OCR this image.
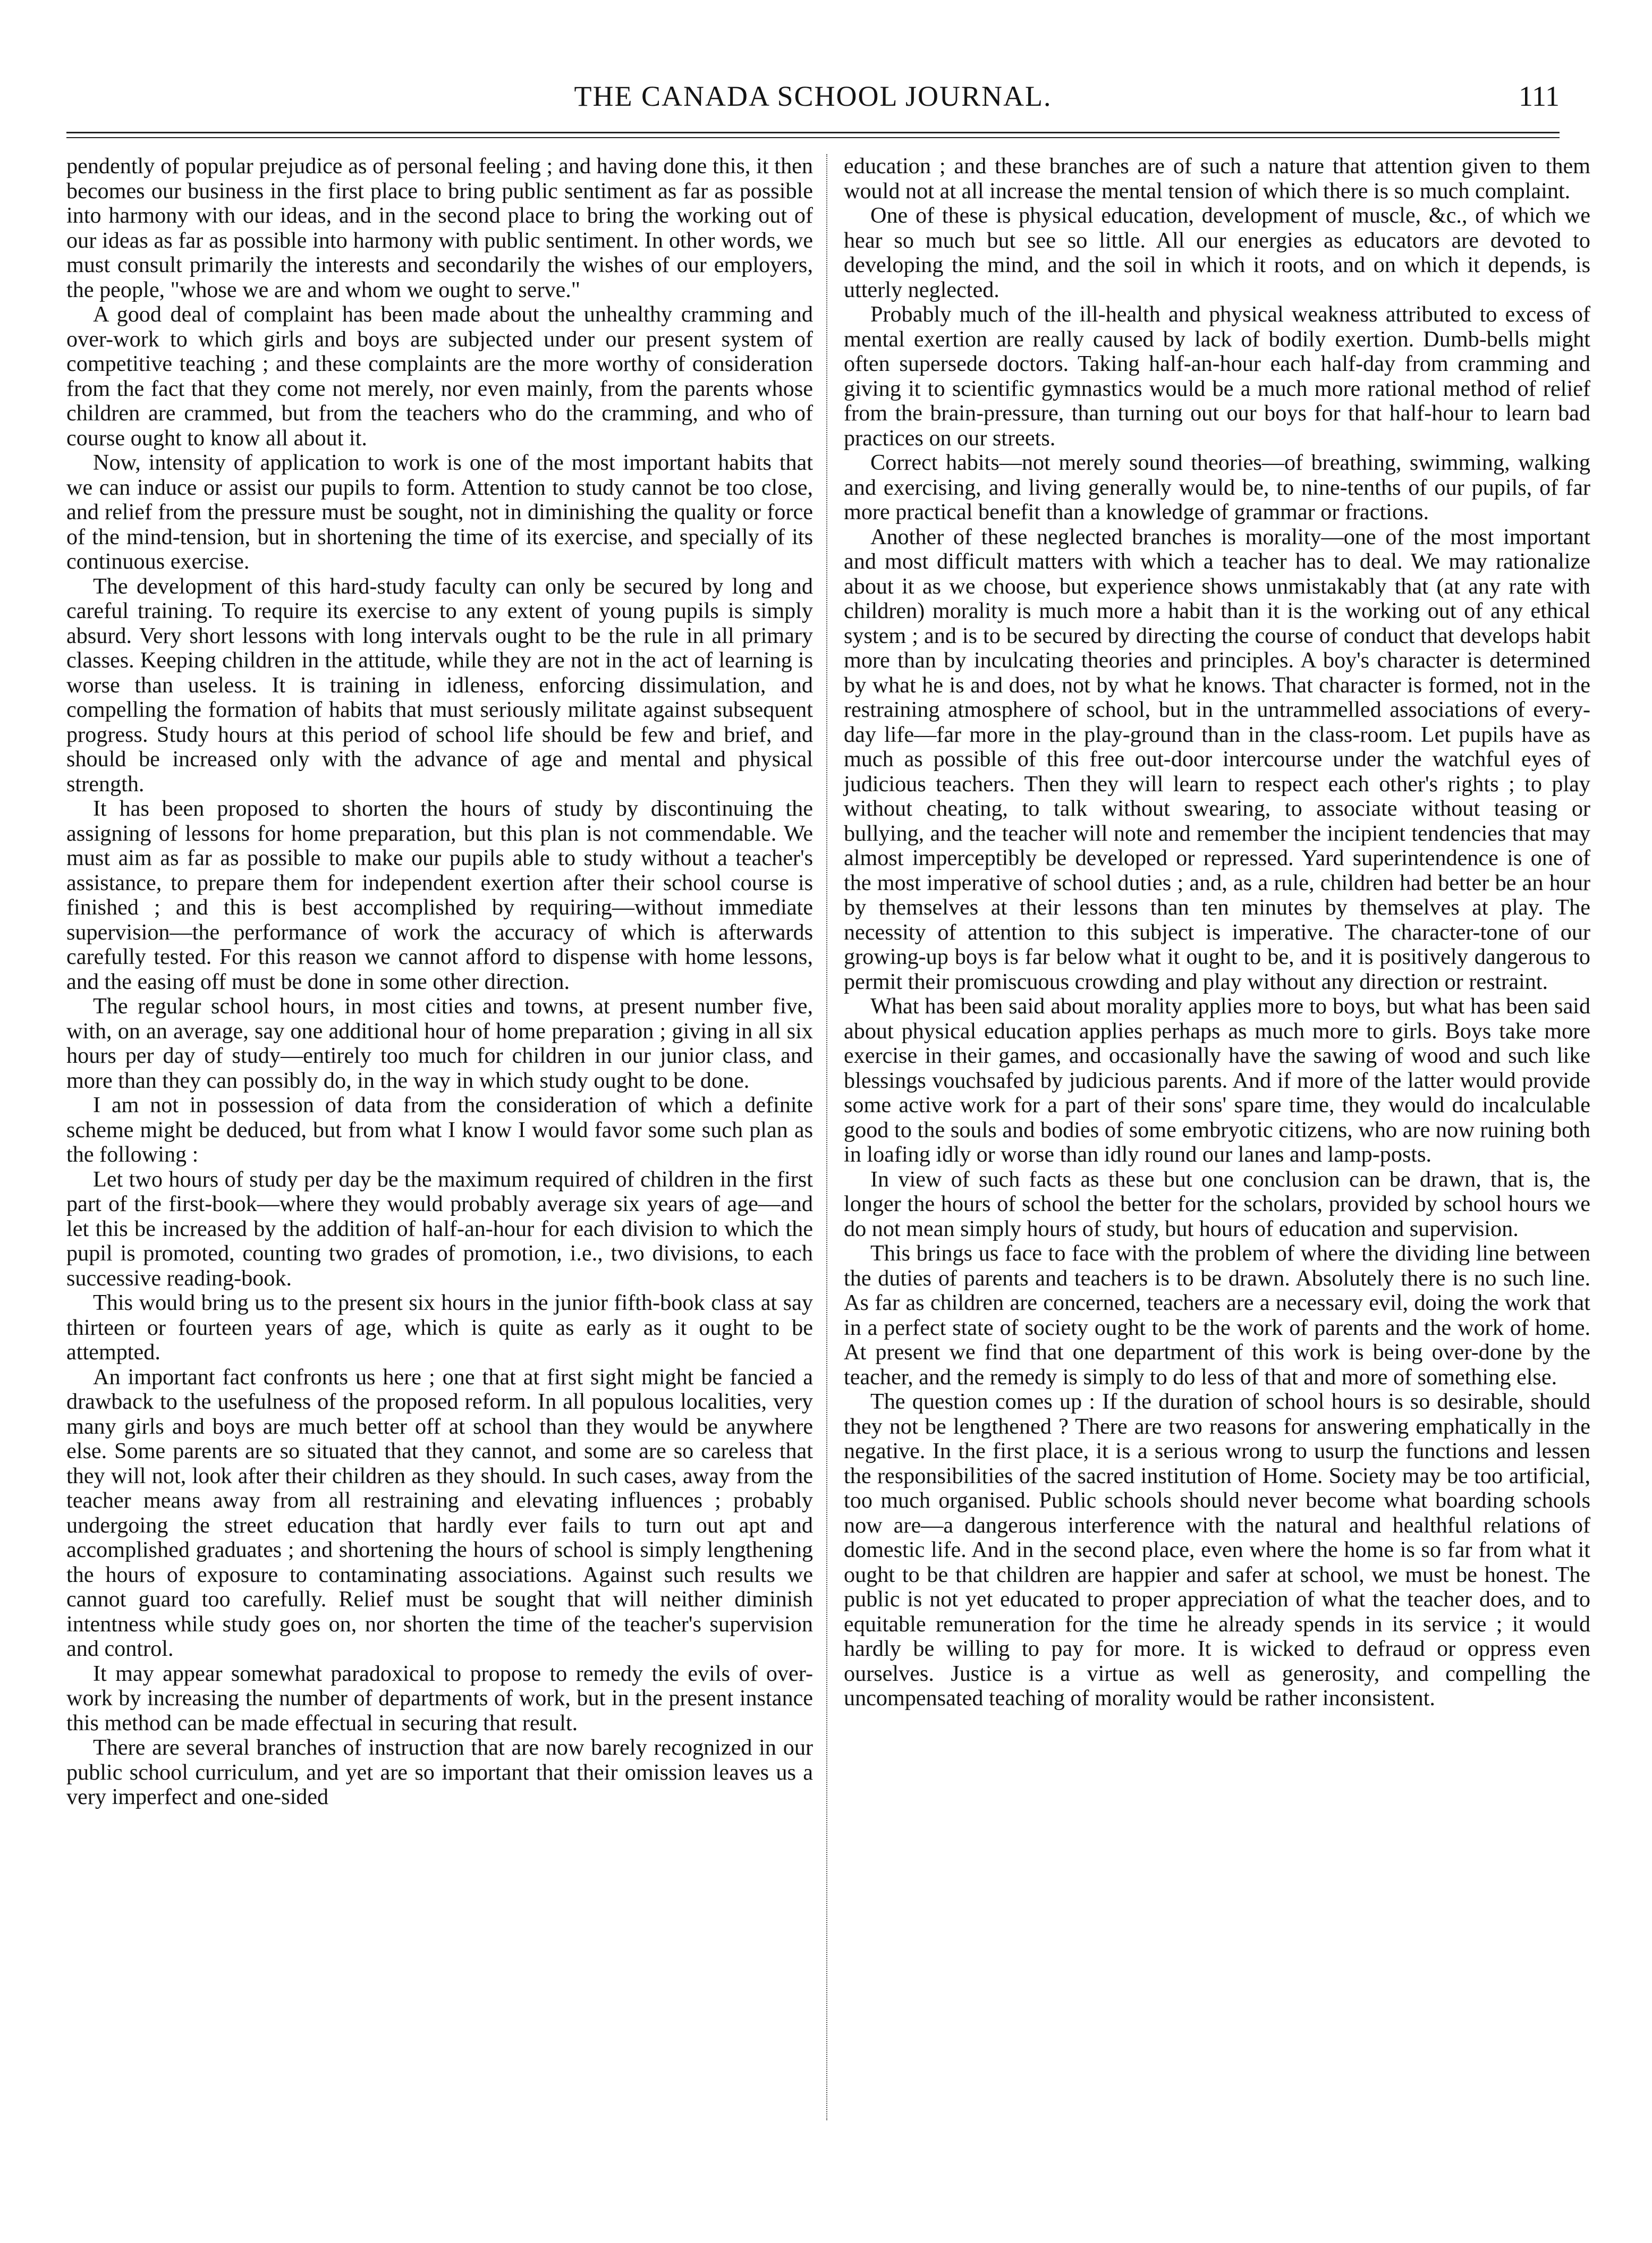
THE CANADA SCHOOL JOURNAL.	111

pendently of popular prejudice as of personal feeling ; and having done this, it then becomes our business in the first place to bring public sentiment as far as possible into harmony with our ideas, and in the second place to bring the working out of our ideas as far as possible into harmony with public sentiment. In other words, we must consult primarily the interests and secondarily the wishes of our employers, the people, "whose we are and whom we ought to serve."

A good deal of complaint has been made about the unhealthy cramming and over-work to which girls and boys are subjected under our present system of competitive teaching ; and these complaints are the more worthy of consideration from the fact that they come not merely, nor even mainly, from the parents whose children are crammed, but from the teachers who do the cramming, and who of course ought to know all about it.

Now, intensity of application to work is one of the most important habits that we can induce or assist our pupils to form. Attention to study cannot be too close, and relief from the pressure must be sought, not in diminishing the quality or force of the mind-tension, but in shortening the time of its exercise, and specially of its continuous exercise.

The development of this hard-study faculty can only be secured by long and careful training. To require its exercise to any extent of young pupils is simply absurd. Very short lessons with long intervals ought to be the rule in all primary classes. Keeping children in the attitude, while they are not in the act of learning is worse than useless. It is training in idleness, enforcing dissimulation, and compelling the formation of habits that must seriously militate against subsequent progress. Study hours at this period of school life should be few and brief, and should be increased only with the advance of age and mental and physical strength.

It has been proposed to shorten the hours of study by discontinuing the assigning of lessons for home preparation, but this plan is not commendable. We must aim as far as possible to make our pupils able to study without a teacher's assistance, to prepare them for independent exertion after their school course is finished ; and this is best accomplished by requiring—without immediate supervision—the performance of work the accuracy of which is afterwards carefully tested. For this reason we cannot afford to dispense with home lessons, and the easing off must be done in some other direction.

The regular school hours, in most cities and towns, at present number five, with, on an average, say one additional hour of home preparation ; giving in all six hours per day of study—entirely too much for children in our junior class, and more than they can possibly do, in the way in which study ought to be done.

I am not in possession of data from the consideration of which a definite scheme might be deduced, but from what I know I would favor some such plan as the following :

Let two hours of study per day be the maximum required of children in the first part of the first-book—where they would probably average six years of age—and let this be increased by the addition of half-an-hour for each division to which the pupil is promoted, counting two grades of promotion, i.e., two divisions, to each successive reading-book.

This would bring us to the present six hours in the junior fifth-book class at say thirteen or fourteen years of age, which is quite as early as it ought to be attempted.

An important fact confronts us here ; one that at first sight might be fancied a drawback to the usefulness of the proposed reform. In all populous localities, very many girls and boys are much better off at school than they would be anywhere else. Some parents are so situated that they cannot, and some are so careless that they will not, look after their children as they should. In such cases, away from the teacher means away from all restraining and elevating influences ; probably undergoing the street education that hardly ever fails to turn out apt and accomplished graduates ; and shortening the hours of school is simply lengthening the hours of exposure to contaminating associations. Against such results we cannot guard too carefully. Relief must be sought that will neither diminish intentness while study goes on, nor shorten the time of the teacher's supervision and control.

It may appear somewhat paradoxical to propose to remedy the evils of over-work by increasing the number of departments of work, but in the present instance this method can be made effectual in securing that result.

There are several branches of instruction that are now barely recognized in our public school curriculum, and yet are so important that their omission leaves us a very imperfect and one-sided

education ; and these branches are of such a nature that attention given to them would not at all increase the mental tension of which there is so much complaint.

One of these is physical education, development of muscle, &c., of which we hear so much but see so little. All our energies as educators are devoted to developing the mind, and the soil in which it roots, and on which it depends, is utterly neglected.

Probably much of the ill-health and physical weakness attributed to excess of mental exertion are really caused by lack of bodily exertion. Dumb-bells might often supersede doctors. Taking half-an-hour each half-day from cramming and giving it to scientific gymnastics would be a much more rational method of relief from the brain-pressure, than turning out our boys for that half-hour to learn bad practices on our streets.

Correct habits—not merely sound theories—of breathing, swimming, walking and exercising, and living generally would be, to nine-tenths of our pupils, of far more practical benefit than a knowledge of grammar or fractions.

Another of these neglected branches is morality—one of the most important and most difficult matters with which a teacher has to deal. We may rationalize about it as we choose, but experience shows unmistakably that (at any rate with children) morality is much more a habit than it is the working out of any ethical system ; and is to be secured by directing the course of conduct that develops habit more than by inculcating theories and principles. A boy's character is determined by what he is and does, not by what he knows. That character is formed, not in the restraining atmosphere of school, but in the untrammelled associations of every-day life—far more in the play-ground than in the class-room. Let pupils have as much as possible of this free out-door intercourse under the watchful eyes of judicious teachers. Then they will learn to respect each other's rights ; to play without cheating, to talk without swearing, to associate without teasing or bullying, and the teacher will note and remember the incipient tendencies that may almost imperceptibly be developed or repressed. Yard superintendence is one of the most imperative of school duties ; and, as a rule, children had better be an hour by themselves at their lessons than ten minutes by themselves at play. The necessity of attention to this subject is imperative. The character-tone of our growing-up boys is far below what it ought to be, and it is positively dangerous to permit their promiscuous crowding and play without any direction or restraint.

What has been said about morality applies more to boys, but what has been said about physical education applies perhaps as much more to girls. Boys take more exercise in their games, and occasionally have the sawing of wood and such like blessings vouchsafed by judicious parents. And if more of the latter would provide some active work for a part of their sons' spare time, they would do incalculable good to the souls and bodies of some embryotic citizens, who are now ruining both in loafing idly or worse than idly round our lanes and lamp-posts.

In view of such facts as these but one conclusion can be drawn, that is, the longer the hours of school the better for the scholars, provided by school hours we do not mean simply hours of study, but hours of education and supervision.

This brings us face to face with the problem of where the dividing line between the duties of parents and teachers is to be drawn. Absolutely there is no such line. As far as children are concerned, teachers are a necessary evil, doing the work that in a perfect state of society ought to be the work of parents and the work of home. At present we find that one department of this work is being over-done by the teacher, and the remedy is simply to do less of that and more of something else.

The question comes up : If the duration of school hours is so desirable, should they not be lengthened ? There are two reasons for answering emphatically in the negative. In the first place, it is a serious wrong to usurp the functions and lessen the responsibilities of the sacred institution of Home. Society may be too artificial, too much organised. Public schools should never become what boarding schools now are—a dangerous interference with the natural and healthful relations of domestic life. And in the second place, even where the home is so far from what it ought to be that children are happier and safer at school, we must be honest. The public is not yet educated to proper appreciation of what the teacher does, and to equitable remuneration for the time he already spends in its service ; it would hardly be willing to pay for more. It is wicked to defraud or oppress even ourselves. Justice is a virtue as well as generosity, and compelling the uncompensated teaching of morality would be rather inconsistent.
